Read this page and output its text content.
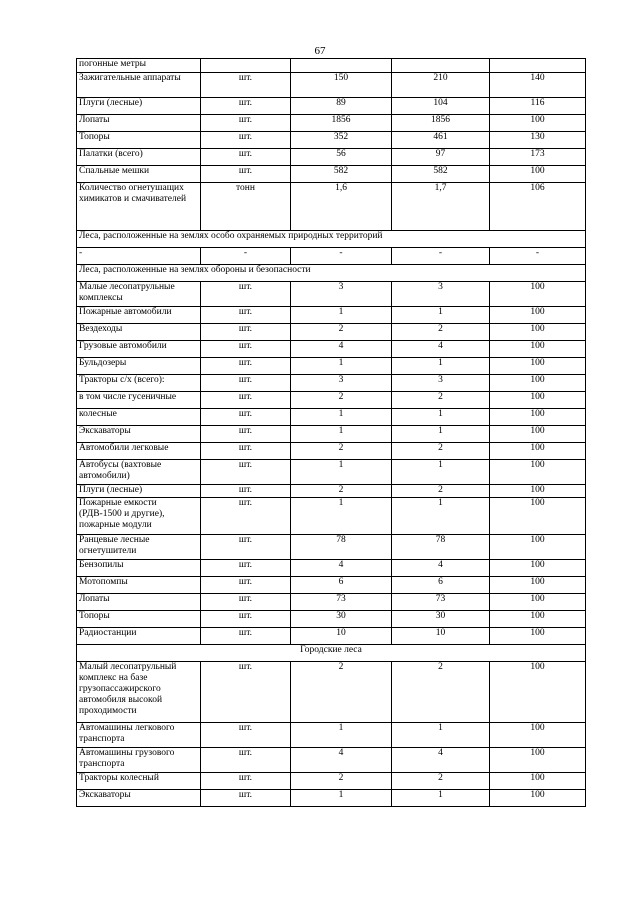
67
погонные метры				
Зажигательные аппараты	шт.	150	210	140
Плуги (лесные)	шт.	89	104	116
Лопаты	шт.	1856	1856	100
Топоры	шт.	352	461	130
Палатки (всего)	шт.	56	97	173
Спальные мешки	шт.	582	582	100
Количество огнетушащих химикатов и смачивателей	тонн	1,6	1,7	106
Леса, расположенные на землях особо охраняемых природных территорий				
-	-	-	-	-
Леса, расположенные на землях обороны и безопасности				
Малые лесопатрульные комплексы	шт.	3	3	100
Пожарные автомобили	шт.	1	1	100
Вездеходы	шт.	2	2	100
Грузовые автомобили	шт.	4	4	100
Бульдозеры	шт.	1	1	100
Тракторы с/х (всего):	шт.	3	3	100
в том числе гусеничные	шт.	2	2	100
колесные	шт.	1	1	100
Экскаваторы	шт.	1	1	100
Автомобили легковые	шт.	2	2	100
Автобусы (вахтовые автомобили)	шт.	1	1	100
Плуги (лесные)	шт.	2	2	100
Пожарные емкости (РДВ-1500 и другие), пожарные модули	шт.	1	1	100
Ранцевые лесные огнетушители	шт.	78	78	100
Бензопилы	шт.	4	4	100
Мотопомпы	шт.	6	6	100
Лопаты	шт.	73	73	100
Топоры	шт.	30	30	100
Радиостанции	шт.	10	10	100
Городские леса				
Малый лесопатрульный комплекс на базе грузопассажирского автомобиля высокой проходимости	шт.	2	2	100
Автомашины легкового транспорта	шт.	1	1	100
Автомашины грузового транспорта	шт.	4	4	100
Тракторы колесный	шт.	2	2	100
Экскаваторы	шт.	1	1	100
